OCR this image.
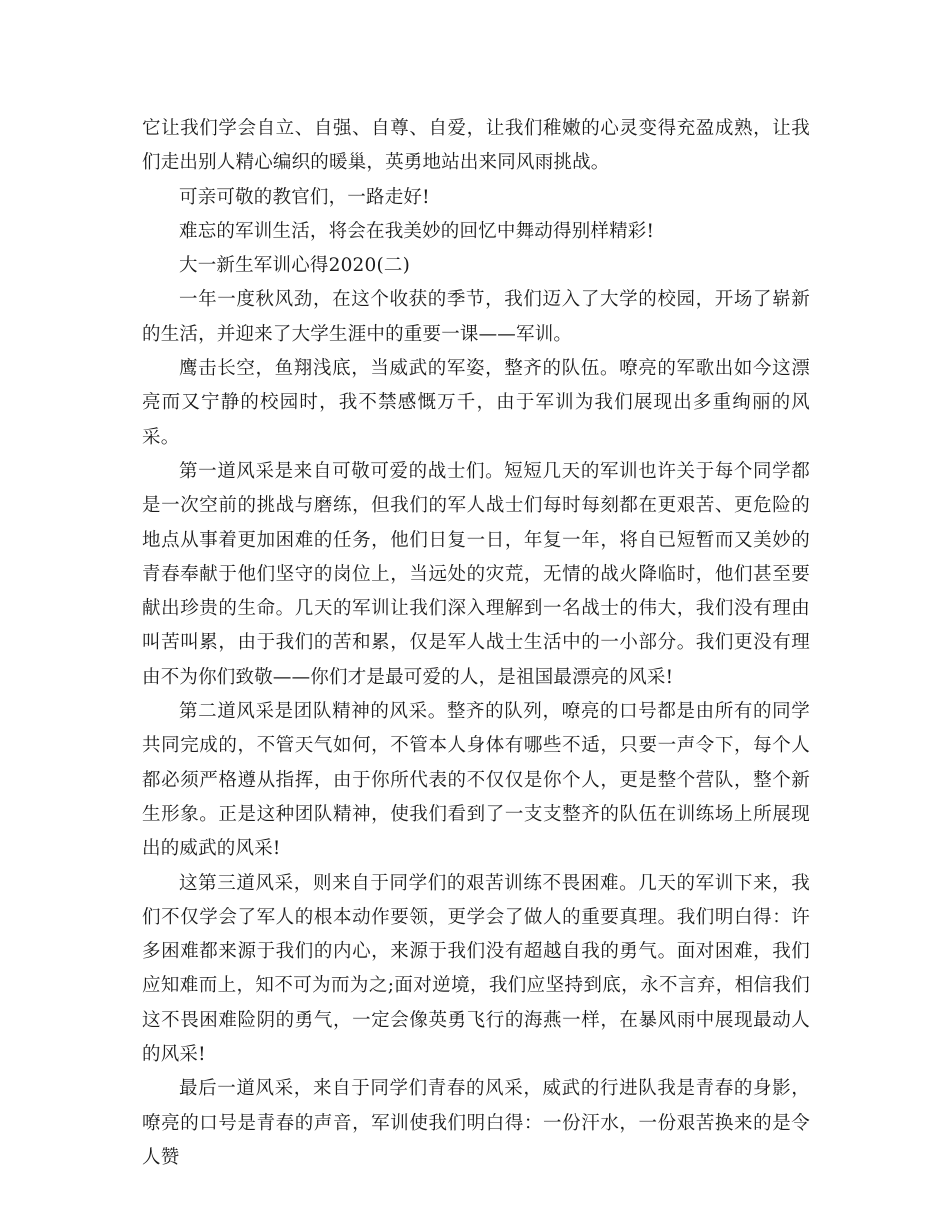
它让我们学会自立、自强、自尊、自爱，让我们稚嫩的心灵变得充盈成熟，让我们走出别人精心编织的暖巢，英勇地站出来同风雨挑战。

可亲可敬的教官们，一路走好!

难忘的军训生活，将会在我美妙的回忆中舞动得别样精彩!

大一新生军训心得2020(二)

一年一度秋风劲，在这个收获的季节，我们迈入了大学的校园，开场了崭新的生活，并迎来了大学生涯中的重要一课——军训。

鹰击长空，鱼翔浅底，当威武的军姿，整齐的队伍。嘹亮的军歌出如今这漂亮而又宁静的校园时，我不禁感慨万千，由于军训为我们展现出多重绚丽的风采。

第一道风采是来自可敬可爱的战士们。短短几天的军训也许关于每个同学都是一次空前的挑战与磨练，但我们的军人战士们每时每刻都在更艰苦、更危险的地点从事着更加困难的任务，他们日复一日，年复一年，将自已短暂而又美妙的青春奉献于他们坚守的岗位上，当远处的灾荒，无情的战火降临时，他们甚至要献出珍贵的生命。几天的军训让我们深入理解到一名战士的伟大，我们没有理由叫苦叫累，由于我们的苦和累，仅是军人战士生活中的一小部分。我们更没有理由不为你们致敬——你们才是最可爱的人，是祖国最漂亮的风采!

第二道风采是团队精神的风采。整齐的队列，嘹亮的口号都是由所有的同学共同完成的，不管天气如何，不管本人身体有哪些不适，只要一声令下，每个人都必须严格遵从指挥，由于你所代表的不仅仅是你个人，更是整个营队，整个新生形象。正是这种团队精神，使我们看到了一支支整齐的队伍在训练场上所展现出的威武的风采!

这第三道风采，则来自于同学们的艰苦训练不畏困难。几天的军训下来，我们不仅学会了军人的根本动作要领，更学会了做人的重要真理。我们明白得：许多困难都来源于我们的内心，来源于我们没有超越自我的勇气。面对困难，我们应知难而上，知不可为而为之;面对逆境，我们应坚持到底，永不言弃，相信我们这不畏困难险阴的勇气，一定会像英勇飞行的海燕一样，在暴风雨中展现最动人的风采!

最后一道风采，来自于同学们青春的风采，威武的行进队我是青春的身影，嘹亮的口号是青春的声音，军训使我们明白得：一份汗水，一份艰苦换来的是令人赞
